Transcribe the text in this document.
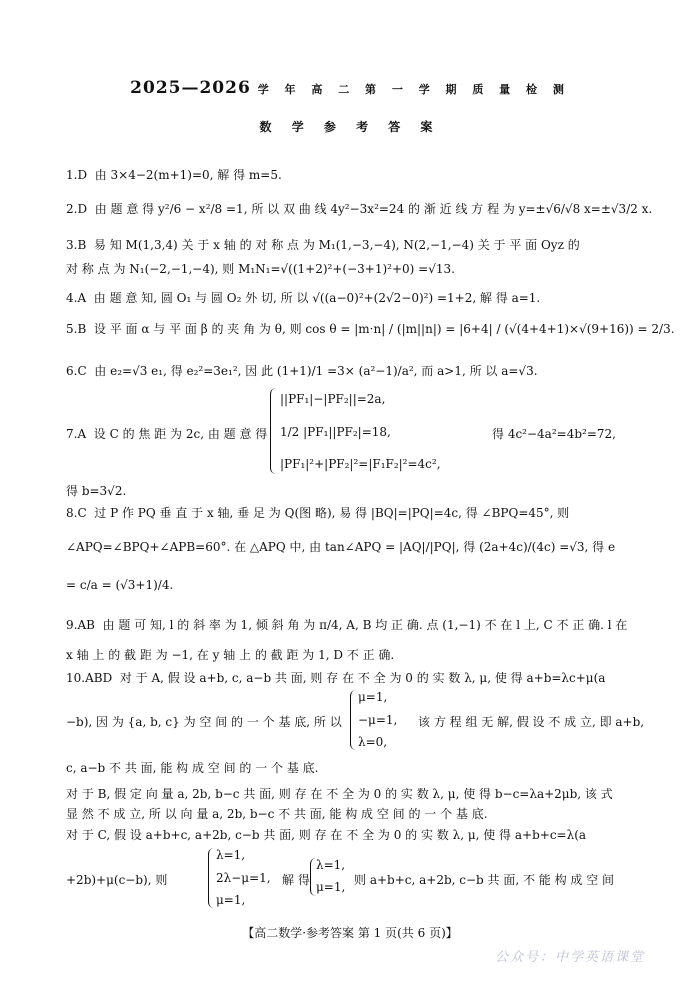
2025—2026 学 年 高 二 第 一 学 期 质 量 检 测
数 学 参 考 答 案
1.D 由 3×4−2(m+1)=0, 解 得 m=5.
2.D 由 题 意 得 y²/6 − x²/8 =1, 所 以 双 曲 线 4y²−3x²=24 的 渐 近 线 方 程 为 y=±√6/√8 x=±√3/2 x.
3.B 易 知 M(1,3,4) 关 于 x 轴 的 对 称 点 为 M₁(1,−3,−4), N(2,−1,−4) 关 于 平 面 Oyz 的
对 称 点 为 N₁(−2,−1,−4), 则 M₁N₁=√((1+2)²+(−3+1)²+0) =√13.
4.A 由 题 意 知, 圆 O₁ 与 圆 O₂ 外 切, 所 以 √((a−0)²+(2√2−0)²) =1+2, 解 得 a=1.
5.B 设 平 面 α 与 平 面 β 的 夹 角 为 θ, 则 cos θ = |m·n| / (|m||n|) = |6+4| / (√(4+4+1)×√(9+16)) = 2/3.
6.C 由 e₂=√3 e₁, 得 e₂²=3e₁², 因 此 (1+1)/1 =3× (a²−1)/a², 而 a>1, 所 以 a=√3.
7.A 设 C 的 焦 距 为 2c, 由 题 意 得
||PF₁|−|PF₂||=2a,
1/2 |PF₁||PF₂|=18,
|PF₁|²+|PF₂|²=|F₁F₂|²=4c²,
得 4c²−4a²=4b²=72,
得 b=3√2.
8.C 过 P 作 PQ 垂 直 于 x 轴, 垂 足 为 Q(图 略), 易 得 |BQ|=|PQ|=4c, 得 ∠BPQ=45°, 则
∠APQ=∠BPQ+∠APB=60°. 在 △APQ 中, 由 tan∠APQ = |AQ|/|PQ|, 得 (2a+4c)/(4c) =√3, 得 e
= c/a = (√3+1)/4.
9.AB 由 题 可 知, l 的 斜 率 为 1, 倾 斜 角 为 π/4, A, B 均 正 确. 点 (1,−1) 不 在 l 上, C 不 正 确. l 在
x 轴 上 的 截 距 为 −1, 在 y 轴 上 的 截 距 为 1, D 不 正 确.
10.ABD 对 于 A, 假 设 a+b, c, a−b 共 面, 则 存 在 不 全 为 0 的 实 数 λ, μ, 使 得 a+b=λc+μ(a
−b), 因 为 {a, b, c} 为 空 间 的 一 个 基 底, 所 以
μ=1,
−μ=1,
λ=0,
该 方 程 组 无 解, 假 设 不 成 立, 即 a+b,
c, a−b 不 共 面, 能 构 成 空 间 的 一 个 基 底.
对 于 B, 假 定 向 量 a, 2b, b−c 共 面, 则 存 在 不 全 为 0 的 实 数 λ, μ, 使 得 b−c=λa+2μb, 该 式
显 然 不 成 立, 所 以 向 量 a, 2b, b−c 不 共 面, 能 构 成 空 间 的 一 个 基 底.
对 于 C, 假 设 a+b+c, a+2b, c−b 共 面, 则 存 在 不 全 为 0 的 实 数 λ, μ, 使 得 a+b+c=λ(a
+2b)+μ(c−b), 则
λ=1,
2λ−μ=1,
μ=1,
解 得
λ=1,
μ=1, 则 a+b+c, a+2b, c−b 共 面, 不 能 构 成 空 间
【高二数学·参考答案 第 1 页(共 6 页)】
公众号：中学英语课堂
